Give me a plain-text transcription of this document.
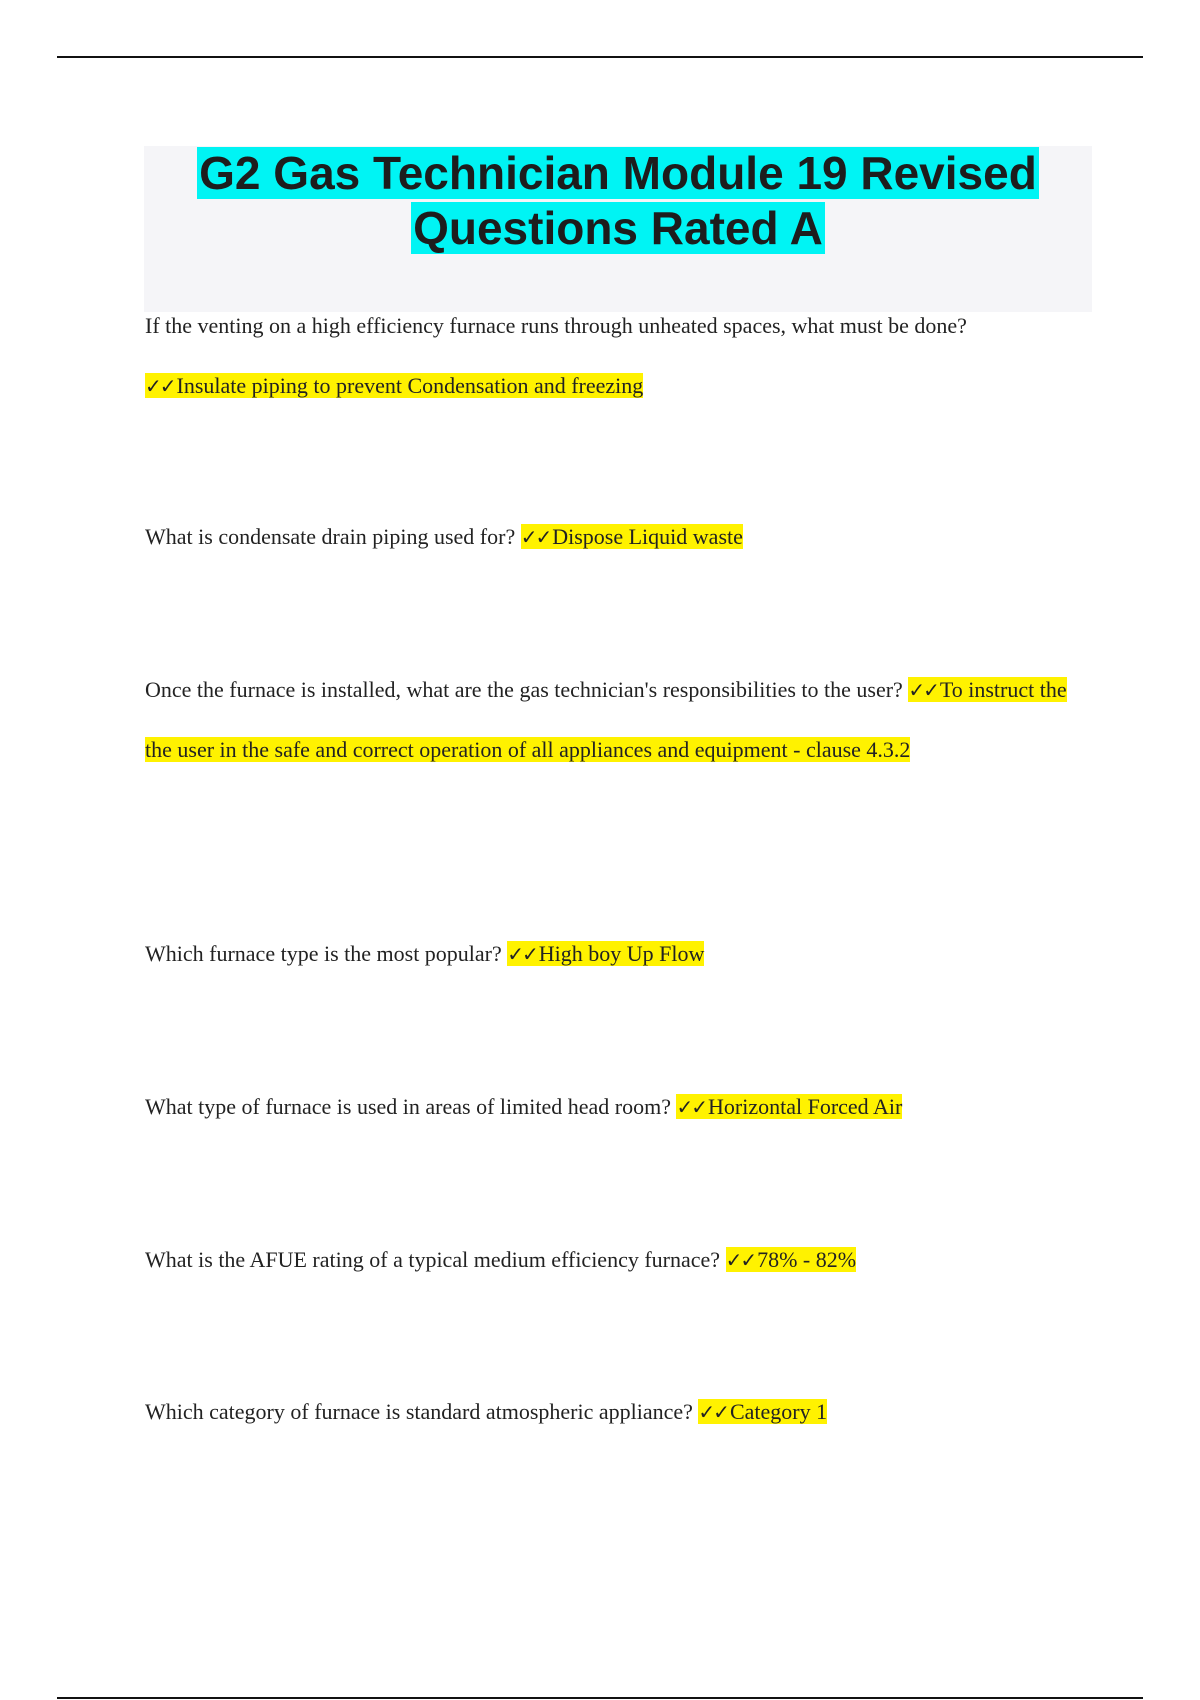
G2 Gas Technician Module 19 Revised
Questions Rated A
If the venting on a high efficiency furnace runs through unheated spaces, what must be done?
✓✓Insulate piping to prevent Condensation and freezing
What is condensate drain piping used for? ✓✓Dispose Liquid waste
Once the furnace is installed, what are the gas technician's responsibilities to the user? ✓✓To instruct the the user in the safe and correct operation of all appliances and equipment - clause 4.3.2
Which furnace type is the most popular? ✓✓High boy Up Flow
What type of furnace is used in areas of limited head room? ✓✓Horizontal Forced Air
What is the AFUE rating of a typical medium efficiency furnace? ✓✓78% - 82%
Which category of furnace is standard atmospheric appliance? ✓✓Category 1
